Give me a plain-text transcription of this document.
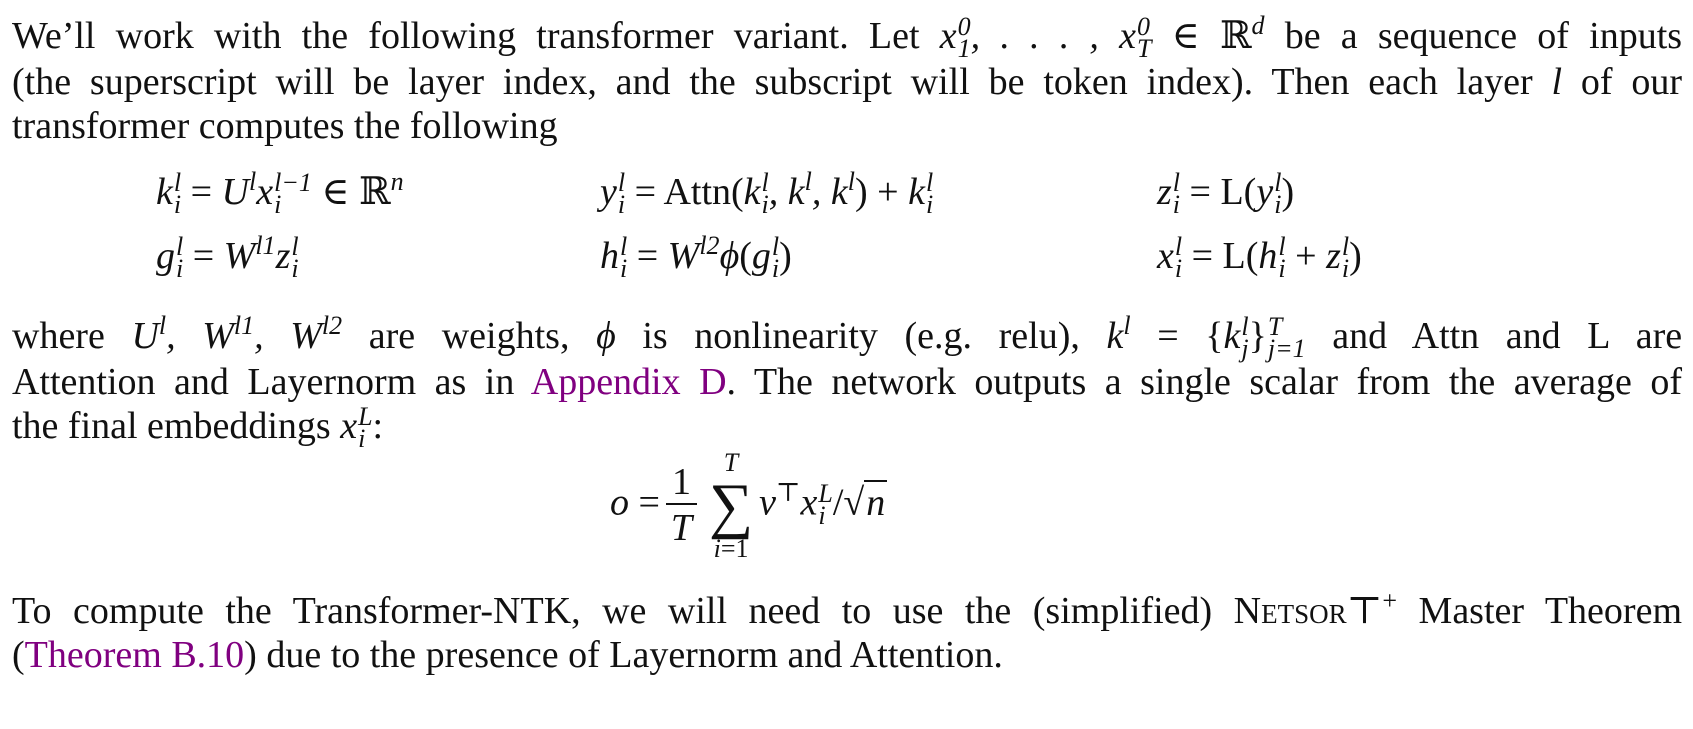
We’ll work with the following transformer variant. Let x 0
1 , . . . , x 0
T ∈ ℝ$^d$ be a sequence of inputs
(the superscript will be layer index, and the subscript will be token index). Then each layer l of our
transformer computes the following

k l
$i = U^lx$ l−1
i	∈ ℝ$^n$	y l
i = Attn(k l
i , $k^l$, $k^l) + k$ l
i	z l
i = L(y l
i )
g l
$i = W^{l1}z$ l
i	h l
$i = W^{l2}\phi(g$ l
i )	x l
i = L(h l
i + z l
i )

where $U^l$, $W^{l1}$, $W^{l2}$ are weights, ϕ is nonlinearity (e.g. relu), $k^l = \{k$ l
j } T
j=1 and Attn and L are
Attention and Layernorm as in Appendix D. The network outputs a single scalar from the average of
the final embeddings x L
i :

$o = \frac{1}{T}$	T
∑
i=1
v⊤x L
i /√n

To compute the Transformer-NTK, we will need to use the (simplified) Netsor⊤+ Master Theorem
(Theorem B.10) due to the presence of Layernorm and Attention.
